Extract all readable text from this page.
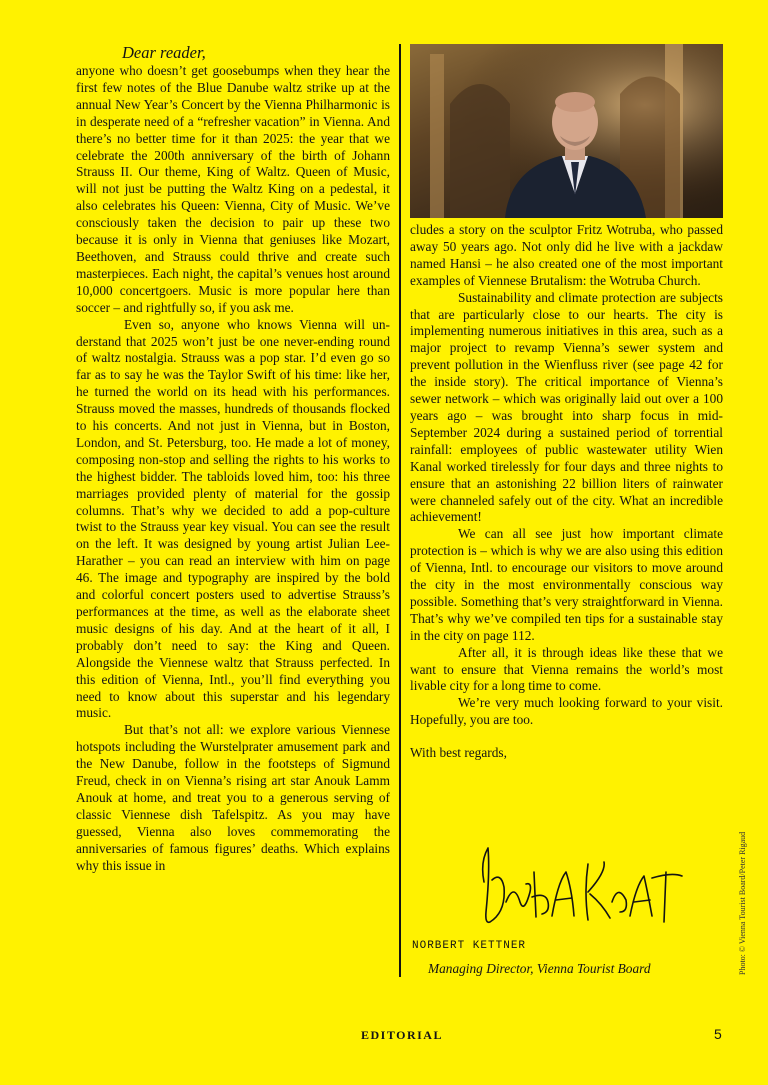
Dear reader,

anyone who doesn’t get goosebumps when they hear the first few notes of the Blue Danube waltz strike up at the annual New Year’s Concert by the Vienna Philharmonic is in desperate need of a “refresher vacation” in Vienna. And there’s no better time for it than 2025: the year that we celebrate the 200th anniversary of the birth of Johann Strauss II. Our theme, King of Waltz. Queen of Music, will not just be putting the Waltz King on a pedestal, it also celebrates his Queen: Vienna, City of Music. We’ve consciously taken the decision to pair up these two because it is only in Vienna that geniuses like Mozart, Beethoven, and Strauss could thrive and create such masterpieces. Each night, the capital’s venues host around 10,000 concertgoers. Music is more popular here than soccer – and rightfully so, if you ask me.

Even so, anyone who knows Vienna will understand that 2025 won’t just be one never-ending round of waltz nostalgia. Strauss was a pop star. I’d even go so far as to say he was the Taylor Swift of his time: like her, he turned the world on its head with his performances. Strauss moved the masses, hundreds of thousands flocked to his concerts. And not just in Vienna, but in Boston, London, and St. Petersburg, too. He made a lot of money, composing non-stop and selling the rights to his works to the highest bidder. The tabloids loved him, too: his three marriages provided plenty of material for the gossip columns. That’s why we decided to add a pop-culture twist to the Strauss year key visual. You can see the result on the left. It was designed by young artist Julian Lee-Harather – you can read an interview with him on page 46. The image and typography are inspired by the bold and colorful concert posters used to advertise Strauss’s performances at the time, as well as the elaborate sheet music designs of his day. And at the heart of it all, I probably don’t need to say: the King and Queen. Alongside the Viennese waltz that Strauss perfected. In this edition of Vienna, Intl., you’ll find everything you need to know about this superstar and his legendary music.

But that’s not all: we explore various Viennese hotspots including the Wurstelprater amusement park and the New Danube, follow in the footsteps of Sigmund Freud, check in on Vienna’s rising art star Anouk Lamm Anouk at home, and treat you to a generous serving of classic Viennese dish Tafelspitz. As you may have guessed, Vienna also loves commemorating the anniversaries of famous figures’ deaths. Which explains why this issue in

cludes a story on the sculptor Fritz Wotruba, who passed away 50 years ago. Not only did he live with a jackdaw named Hansi – he also created one of the most important examples of Viennese Brutalism: the Wotruba Church.

Sustainability and climate protection are subjects that are particularly close to our hearts. The city is implementing numerous initiatives in this area, such as a major project to revamp Vienna’s sewer system and prevent pollution in the Wienfluss river (see page 42 for the inside story). The critical importance of Vienna’s sewer network – which was originally laid out over a 100 years ago – was brought into sharp focus in mid-September 2024 during a sustained period of torrential rainfall: employees of public wastewater utility Wien Kanal worked tirelessly for four days and three nights to ensure that an astonishing 22 billion liters of rainwater were channeled safely out of the city. What an incredible achievement!

We can all see just how important climate protection is – which is why we are also using this edition of Vienna, Intl. to encourage our visitors to move around the city in the most environmentally conscious way possible. Something that’s very straightforward in Vienna. That’s why we’ve compiled ten tips for a sustainable stay in the city on page 112.

After all, it is through ideas like these that we want to ensure that Vienna remains the world’s most livable city for a long time to come.

We’re very much looking forward to your visit. Hopefully, you are too.

With best regards,

NORBERT KETTNER
Managing Director, Vienna Tourist Board	Photo: © Vienna Tourist Board/Peter Rigaud
EDITORIAL	5
